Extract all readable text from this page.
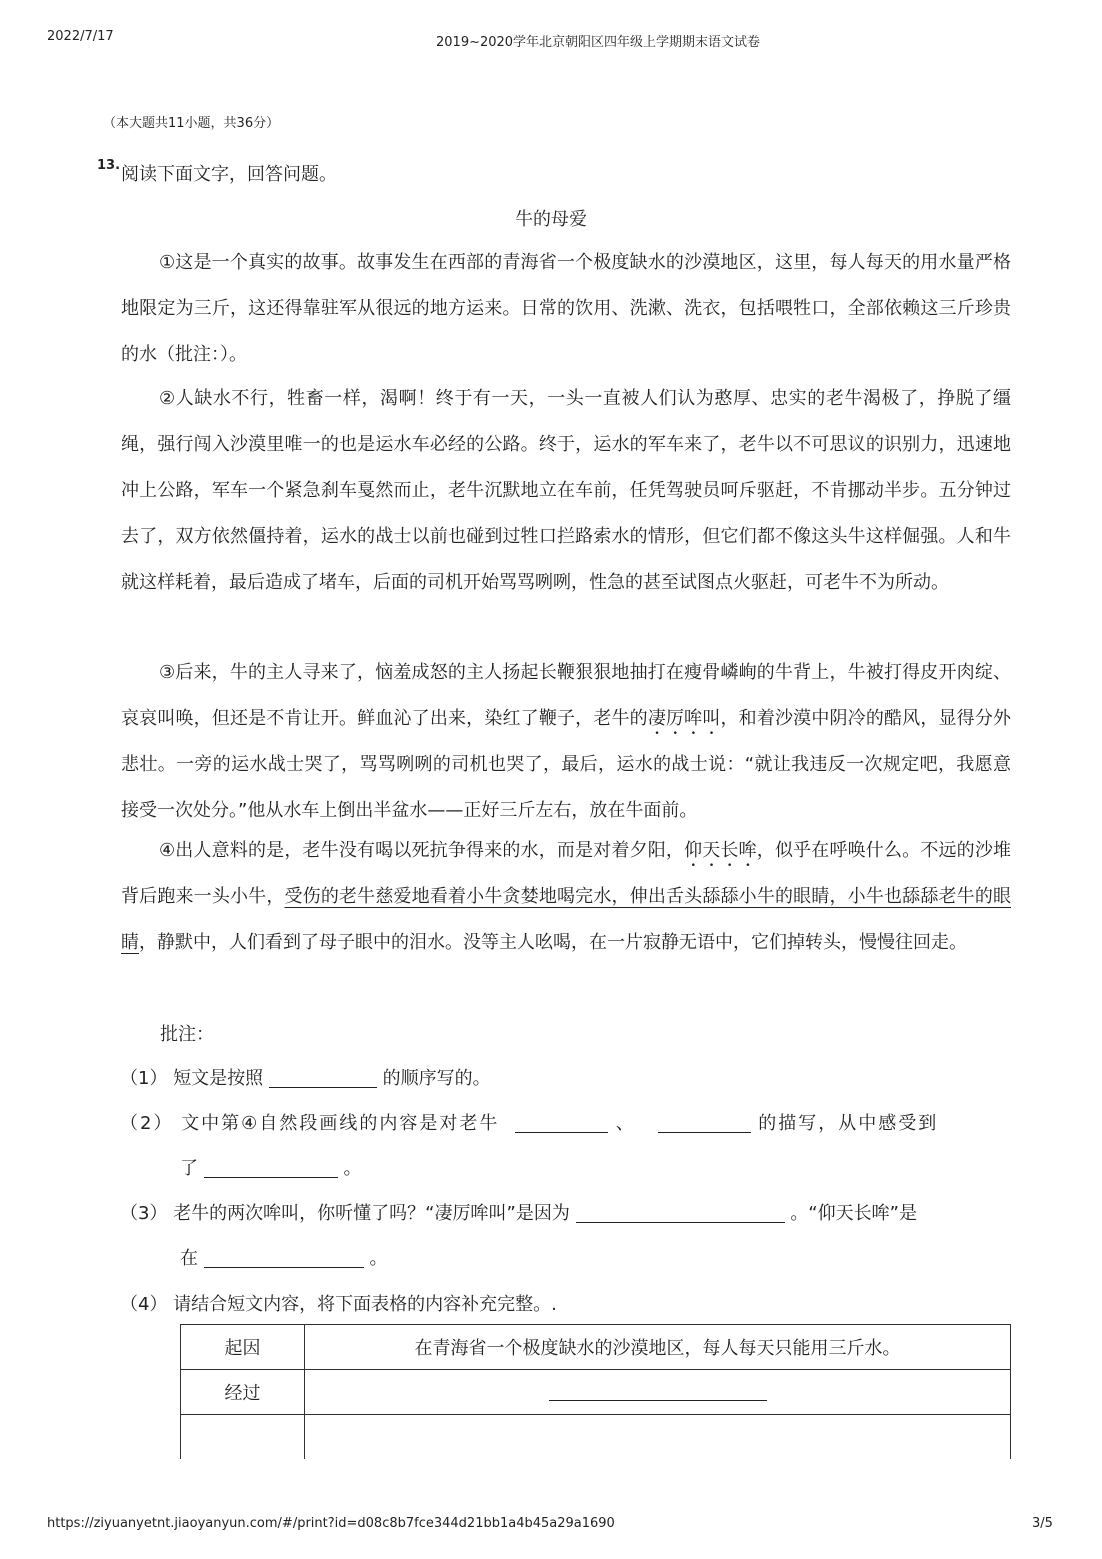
2022/7/17	2019~2020学年北京朝阳区四年级上学期期末语文试卷
（本大题共11小题，共36分）
13. 阅读下面文字，回答问题。
牛的母爱
①这是一个真实的故事。故事发生在西部的青海省一个极度缺水的沙漠地区，这里，每人每天的用水量严格地限定为三斤，这还得靠驻军从很远的地方运来。日常的饮用、洗漱、洗衣，包括喂牲口，全部依赖这三斤珍贵的水（批注：）。
②人缺水不行，牲畜一样，渴啊！终于有一天，一头一直被人们认为憨厚、忠实的老牛渴极了，挣脱了缰绳，强行闯入沙漠里唯一的也是运水车必经的公路。终于，运水的军车来了，老牛以不可思议的识别力，迅速地冲上公路，军车一个紧急刹车戛然而止，老牛沉默地立在车前，任凭驾驶员呵斥驱赶，不肯挪动半步。五分钟过去了，双方依然僵持着，运水的战士以前也碰到过牲口拦路索水的情形，但它们都不像这头牛这样倔强。人和牛就这样耗着，最后造成了堵车，后面的司机开始骂骂咧咧，性急的甚至试图点火驱赶，可老牛不为所动。
③后来，牛的主人寻来了，恼羞成怒的主人扬起长鞭狠狠地抽打在瘦骨嶙峋的牛背上，牛被打得皮开肉绽、哀哀叫唤，但还是不肯让开。鲜血沁了出来，染红了鞭子，老牛的凄厉哞叫，和着沙漠中阴冷的酷风，显得分外悲壮。一旁的运水战士哭了，骂骂咧咧的司机也哭了，最后，运水的战士说：“就让我违反一次规定吧，我愿意接受一次处分。”他从水车上倒出半盆水——正好三斤左右，放在牛面前。
④出人意料的是，老牛没有喝以死抗争得来的水，而是对着夕阳，仰天长哞，似乎在呼唤什么。不远的沙堆背后跑来一头小牛，受伤的老牛慈爱地看着小牛贪婪地喝完水，伸出舌头舔舔小牛的眼睛，小牛也舔舔老牛的眼睛，静默中，人们看到了母子眼中的泪水。没等主人吆喝，在一片寂静无语中，它们掉转头，慢慢往回走。
批注：
（1） 短文是按照	的顺序写的。
（2） 文中第④自然段画线的内容是对老牛	、	的描写，从中感受到
了	。
（3） 老牛的两次哞叫，你听懂了吗？“凄厉哞叫”是因为	。“仰天长哞”是
在	。
（4） 请结合短文内容，将下面表格的内容补充完整。.
起因	在青海省一个极度缺水的沙漠地区，每人每天只能用三斤水。
经过	

https://ziyuanyetnt.jiaoyanyun.com/#/print?id=d08c8b7fce344d21bb1a4b45a29a1690	3/5
